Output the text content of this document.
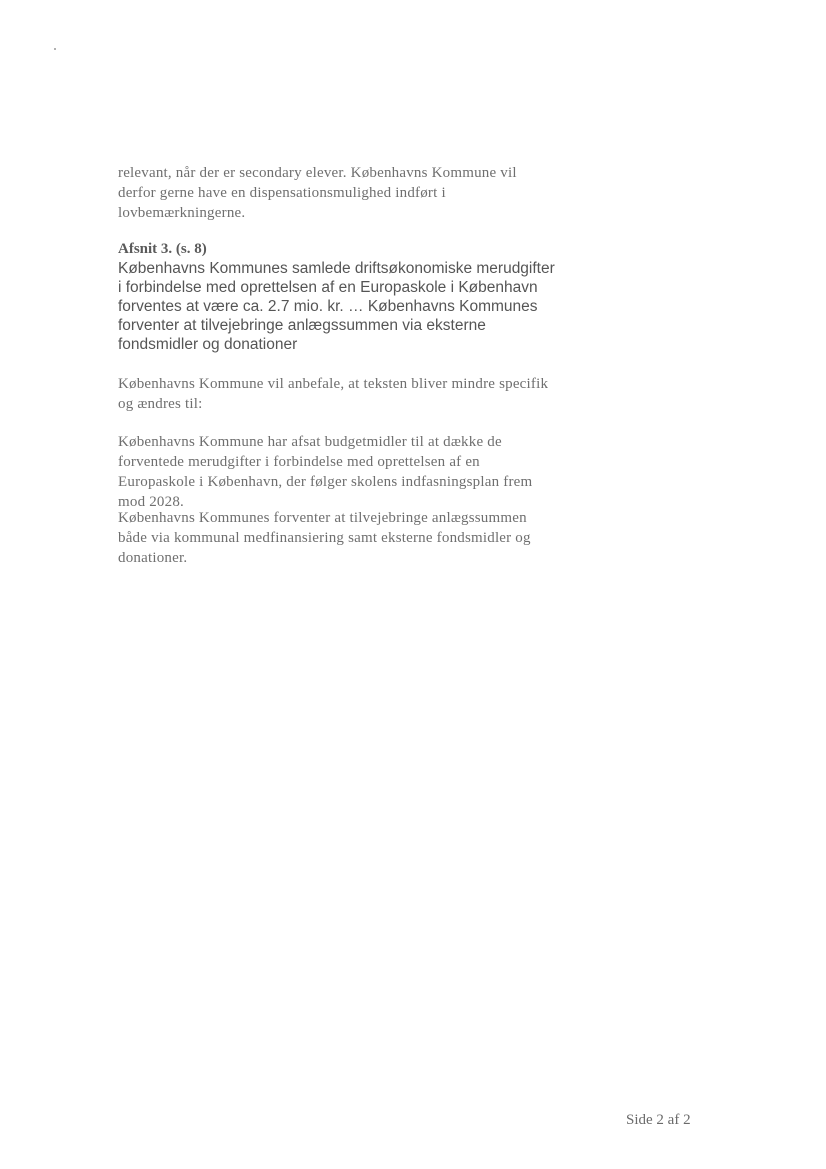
relevant, når der er secondary elever. Københavns Kommune vil
derfor gerne have en dispensationsmulighed indført i
lovbemærkningerne.
Afsnit 3. (s. 8)
Københavns Kommunes samlede driftsøkonomiske merudgifter
i forbindelse med oprettelsen af en Europaskole i København
forventes at være ca. 2.7 mio. kr. … Københavns Kommunes
forventer at tilvejebringe anlægssummen via eksterne
fondsmidler og donationer
Københavns Kommune vil anbefale, at teksten bliver mindre specifik
og ændres til:
Københavns Kommune har afsat budgetmidler til at dække de
forventede merudgifter i forbindelse med oprettelsen af en
Europaskole i København, der følger skolens indfasningsplan frem
mod 2028.
Københavns Kommunes forventer at tilvejebringe anlægssummen
både via kommunal medfinansiering samt eksterne fondsmidler og
donationer.
Side 2 af 2
